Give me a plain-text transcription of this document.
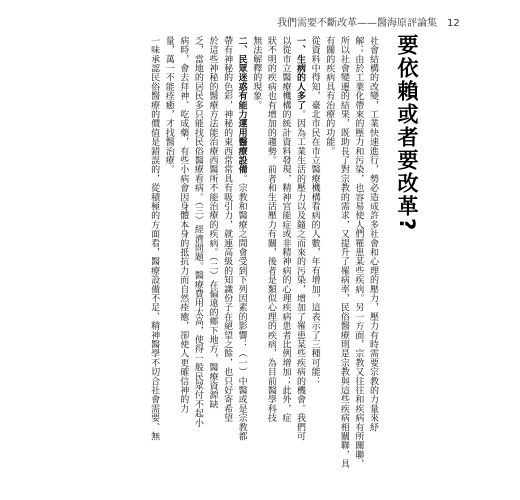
我們需要不斷改革——醫海原評論集 12
要依賴或者要改革?
社會結構的改變，工業快速進行，勢必造成許多社會和心理的壓力，壓力有時需要宗教的力量來紓
解；由於工業化帶來的壓力和污染，也容易使人們罹患某些疾病。另一方面，宗教又往往和疾病有所關聯，
所以社會變遷的結果，既助長了對宗教的需求，又提升了罹病率，民俗醫療則是宗教與這些疾病相關聯，具
有關的疾病具有治療的功能。
從資料中得知，臺北市民在市立醫療機構看病的人數，年有增加，這表示了三種可能：
一、生病的人多了。因為工業生活的壓力以及隨之而來的污染，增加了罹患某些疾病的機會。我們可
以從市立醫療機構的統計資料發現，精神官能症或非精神病的心理疾病患者比例增加；此外，症
狀不明的疾病也有增加的趨勢。前者和生活壓力有關，後者是類似心理的疾病，為目前醫學科技
無法解釋的現象。
二、民眾迷惑有能力運用醫療設備。宗教和醫療之間會受到下列因素的影響：（一）中醫或是宗教都
帶有神秘的色彩，神秘的東西常常具有吸引力，就連高級的知識份子在絕望之餘，也只好寄希望
於這些神秘的醫療方法能治療西醫所不能治療的疾病。（二）在偏遠的鄉下地方，醫療資源缺
乏，當地的居民多只能找民俗醫療看病。（三）經濟問題。醫療費用太高，使得一般民眾付不起小
病時，會去拜神、吃成藥，有些小病會因身體本身的抵抗力而自然痊癒，卻使人更確信神的力
量，萬一不能痊癒，才找醫治療。
一味承認民俗醫療的價值是錯誤的，從積極的方面看，醫療設備不足、精神醫學不切合社會需要、無
